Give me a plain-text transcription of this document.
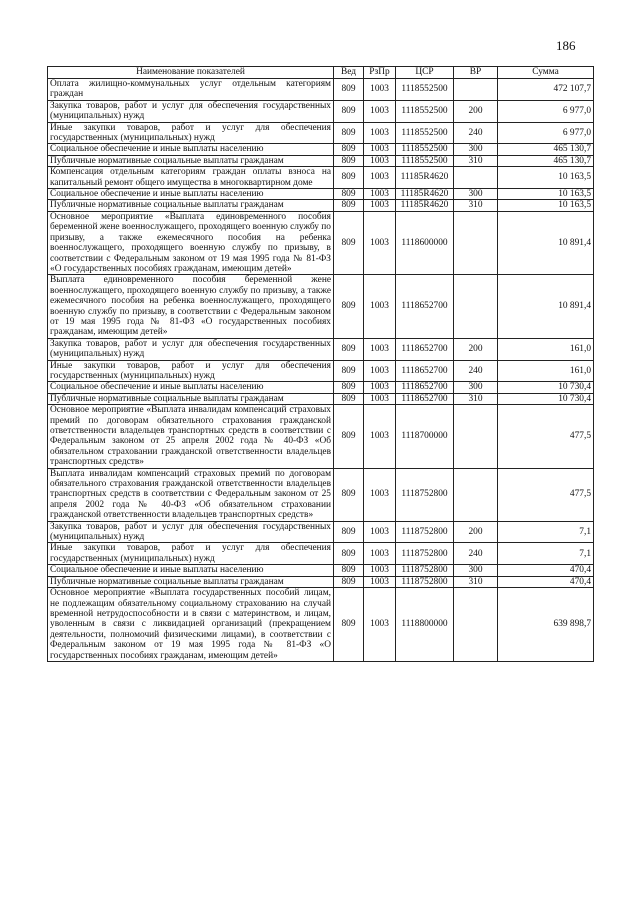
186
Наименование показателей	Вед	РзПр	ЦСР	ВР	Сумма
Оплата жилищно-коммунальных услуг отдельным категориям граждан	809	1003	1118552500		472 107,7
Закупка товаров, работ и услуг для обеспечения государственных (муниципальных) нужд	809	1003	1118552500	200	6 977,0
Иные закупки товаров, работ и услуг для обеспечения государственных (муниципальных) нужд	809	1003	1118552500	240	6 977,0
Социальное обеспечение и иные выплаты населению	809	1003	1118552500	300	465 130,7
Публичные нормативные социальные выплаты гражданам	809	1003	1118552500	310	465 130,7
Компенсация отдельным категориям граждан оплаты взноса на капитальный ремонт общего имущества в многоквартирном доме	809	1003	11185R4620		10 163,5
Социальное обеспечение и иные выплаты населению	809	1003	11185R4620	300	10 163,5
Публичные нормативные социальные выплаты гражданам	809	1003	11185R4620	310	10 163,5
Основное мероприятие «Выплата единовременного пособия беременной жене военнослужащего, проходящего военную службу по призыву, а также ежемесячного пособия на ребенка военнослужащего, проходящего военную службу по призыву, в соответствии с Федеральным законом от 19 мая 1995 года № 81-ФЗ «О государственных пособиях гражданам, имеющим детей»	809	1003	1118600000		10 891,4
Выплата единовременного пособия беременной жене военнослужащего, проходящего военную службу по призыву, а также ежемесячного пособия на ребенка военнослужащего, проходящего военную службу по призыву, в соответствии с Федеральным законом от 19 мая 1995 года № 81-ФЗ «О государственных пособиях гражданам, имеющим детей»	809	1003	1118652700		10 891,4
Закупка товаров, работ и услуг для обеспечения государственных (муниципальных) нужд	809	1003	1118652700	200	161,0
Иные закупки товаров, работ и услуг для обеспечения государственных (муниципальных) нужд	809	1003	1118652700	240	161,0
Социальное обеспечение и иные выплаты населению	809	1003	1118652700	300	10 730,4
Публичные нормативные социальные выплаты гражданам	809	1003	1118652700	310	10 730,4
Основное мероприятие «Выплата инвалидам компенсаций страховых премий по договорам обязательного страхования гражданской ответственности владельцев транспортных средств в соответствии с Федеральным законом от 25 апреля 2002 года № 40-ФЗ «Об обязательном страховании гражданской ответственности владельцев транспортных средств»	809	1003	1118700000		477,5
Выплата инвалидам компенсаций страховых премий по договорам обязательного страхования гражданской ответственности владельцев транспортных средств в соответствии с Федеральным законом от 25 апреля 2002 года № 40-ФЗ «Об обязательном страховании гражданской ответственности владельцев транспортных средств»	809	1003	1118752800		477,5
Закупка товаров, работ и услуг для обеспечения государственных (муниципальных) нужд	809	1003	1118752800	200	7,1
Иные закупки товаров, работ и услуг для обеспечения государственных (муниципальных) нужд	809	1003	1118752800	240	7,1
Социальное обеспечение и иные выплаты населению	809	1003	1118752800	300	470,4
Публичные нормативные социальные выплаты гражданам	809	1003	1118752800	310	470,4
Основное мероприятие «Выплата государственных пособий лицам, не подлежащим обязательному социальному страхованию на случай временной нетрудоспособности и в связи с материнством, и лицам, уволенным в связи с ликвидацией организаций (прекращением деятельности, полномочий физическими лицами), в соответствии с Федеральным законом от 19 мая 1995 года № 81-ФЗ «О государственных пособиях гражданам, имеющим детей»	809	1003	1118800000		639 898,7
